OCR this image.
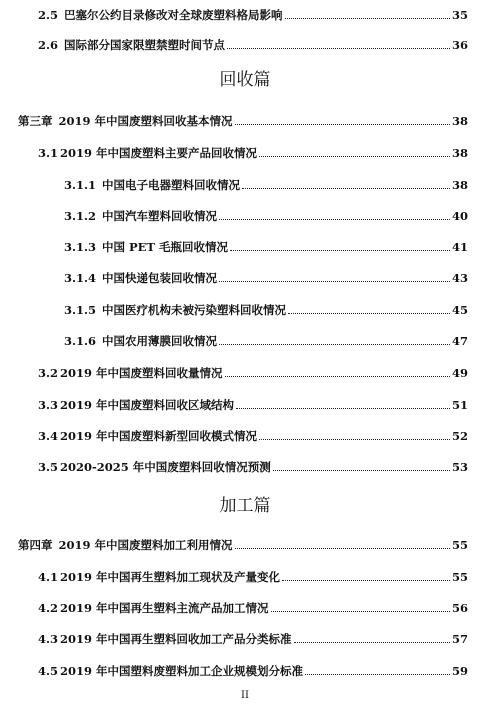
2.5 巴塞尔公约目录修改对全球废塑料格局影响	35
2.6 国际部分国家限塑禁塑时间节点	36
回收篇
第三章 2019 年中国废塑料回收基本情况	38
3.1 2019 年中国废塑料主要产品回收情况	38
3.1.1 中国电子电器塑料回收情况	38
3.1.2 中国汽车塑料回收情况	40
3.1.3 中国 PET 毛瓶回收情况	41
3.1.4 中国快递包装回收情况	43
3.1.5 中国医疗机构未被污染塑料回收情况	45
3.1.6 中国农用薄膜回收情况	47
3.2 2019 年中国废塑料回收量情况	49
3.3 2019 年中国废塑料回收区域结构	51
3.4 2019 年中国废塑料新型回收模式情况	52
3.5 2020-2025 年中国废塑料回收情况预测	53
加工篇
第四章 2019 年中国废塑料加工利用情况	55
4.1 2019 年中国再生塑料加工现状及产量变化	55
4.2 2019 年中国再生塑料主流产品加工情况	56
4.3 2019 年中国再生塑料回收加工产品分类标准	57
4.5 2019 年中国塑料废塑料加工企业规模划分标准	59
II
